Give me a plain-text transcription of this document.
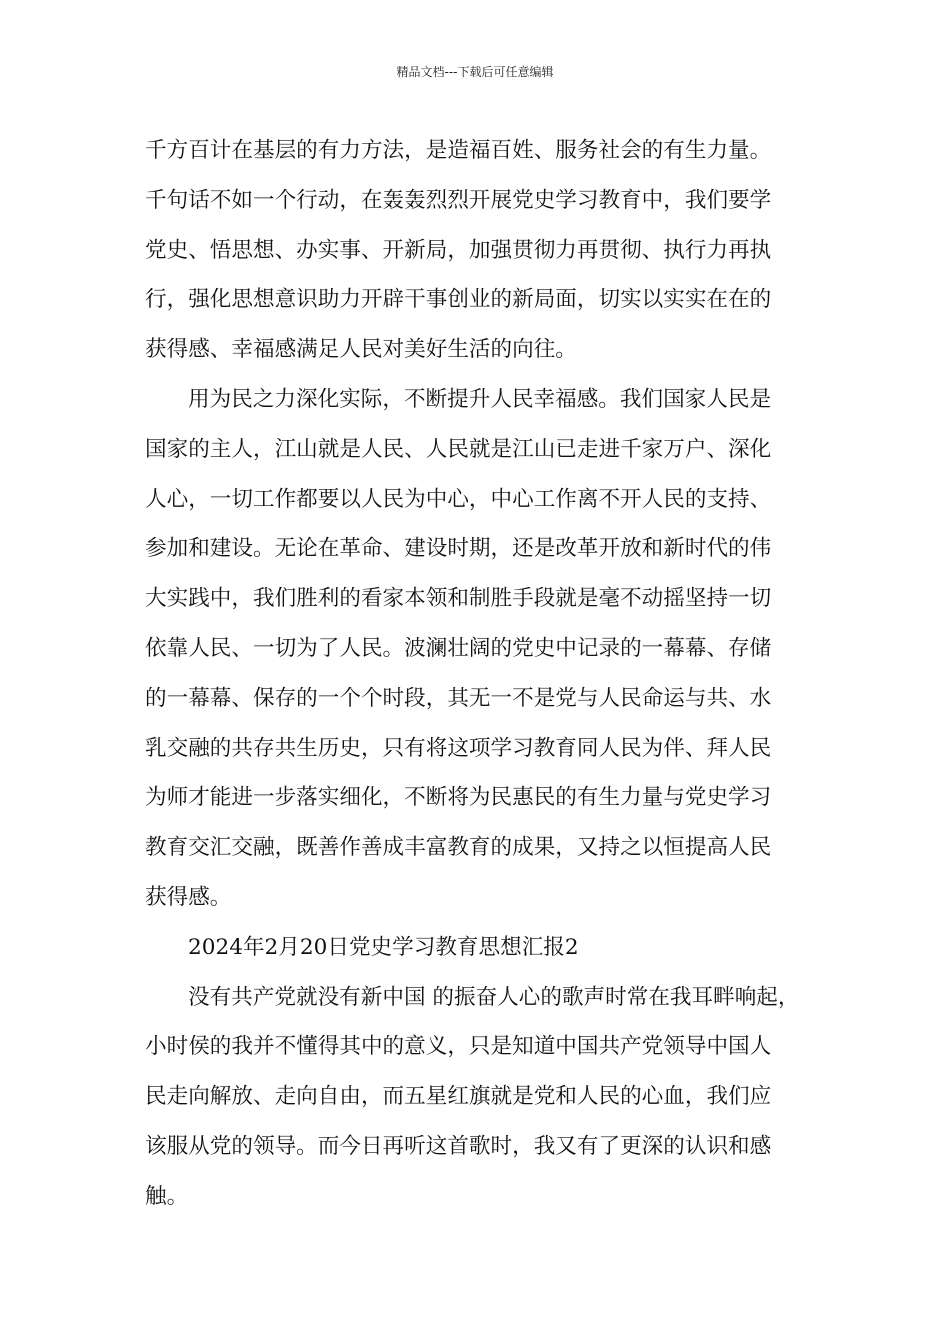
精品文档---下载后可任意编辑
千方百计在基层的有力方法，是造福百姓、服务社会的有生力量。
千句话不如一个行动，在轰轰烈烈开展党史学习教育中，我们要学
党史、悟思想、办实事、开新局，加强贯彻力再贯彻、执行力再执
行，强化思想意识助力开辟干事创业的新局面，切实以实实在在的
获得感、幸福感满足人民对美好生活的向往。
用为民之力深化实际，不断提升人民幸福感。我们国家人民是
国家的主人，江山就是人民、人民就是江山已走进千家万户、深化
人心，一切工作都要以人民为中心，中心工作离不开人民的支持、
参加和建设。无论在革命、建设时期，还是改革开放和新时代的伟
大实践中，我们胜利的看家本领和制胜手段就是毫不动摇坚持一切
依靠人民、一切为了人民。波澜壮阔的党史中记录的一幕幕、存储
的一幕幕、保存的一个个时段，其无一不是党与人民命运与共、水
乳交融的共存共生历史，只有将这项学习教育同人民为伴、拜人民
为师才能进一步落实细化，不断将为民惠民的有生力量与党史学习
教育交汇交融，既善作善成丰富教育的成果，又持之以恒提高人民
获得感。
2024年2月20日党史学习教育思想汇报2
没有共产党就没有新中国 的振奋人心的歌声时常在我耳畔响起，
小时侯的我并不懂得其中的意义，只是知道中国共产党领导中国人
民走向解放、走向自由，而五星红旗就是党和人民的心血，我们应
该服从党的领导。而今日再听这首歌时，我又有了更深的认识和感
触。
